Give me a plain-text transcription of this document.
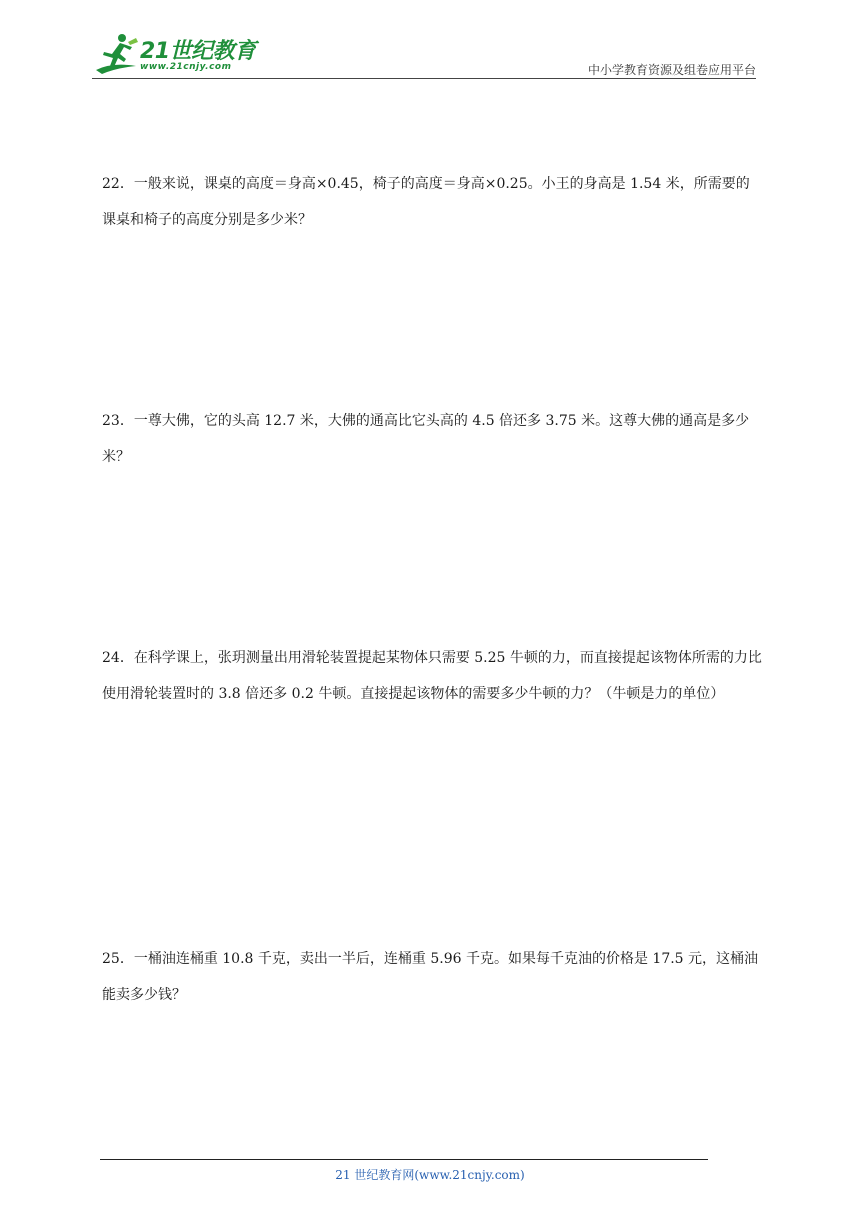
21世纪教育
www.21cnjy.com	中小学教育资源及组卷应用平台
22．一般来说，课桌的高度＝身高×0.45，椅子的高度＝身高×0.25。小王的身高是 1.54 米，所需要的课桌和椅子的高度分别是多少米？
23．一尊大佛，它的头高 12.7 米，大佛的通高比它头高的 4.5 倍还多 3.75 米。这尊大佛的通高是多少米？
24．在科学课上，张玥测量出用滑轮装置提起某物体只需要 5.25 牛顿的力，而直接提起该物体所需的力比使用滑轮装置时的 3.8 倍还多 0.2 牛顿。直接提起该物体的需要多少牛顿的力？（牛顿是力的单位）
25．一桶油连桶重 10.8 千克，卖出一半后，连桶重 5.96 千克。如果每千克油的价格是 17.5 元，这桶油能卖多少钱？
21 世纪教育网(www.21cnjy.com)
